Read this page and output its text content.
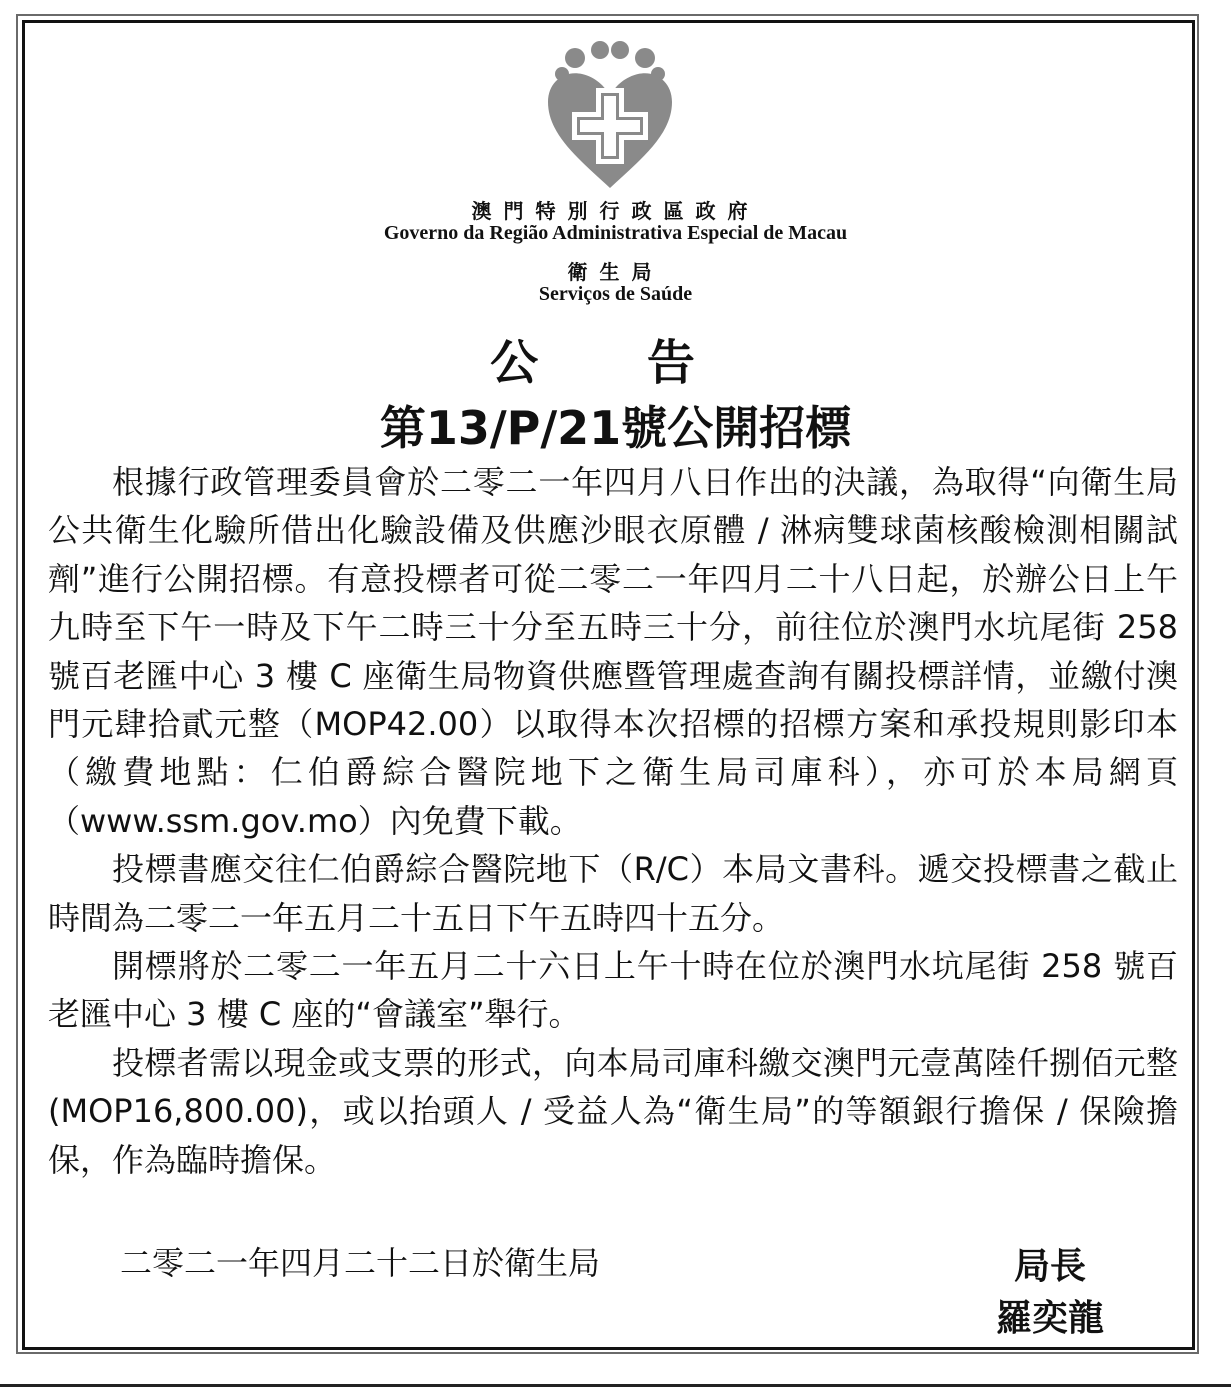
澳門特別行政區政府
Governo da Região Administrativa Especial de Macau
衛生局
Serviços de Saúde
公 告
第13/P/21號公開招標

根據行政管理委員會於二零二一年四月八日作出的決議，為取得“向衛生局公共衛生化驗所借出化驗設備及供應沙眼衣原體 / 淋病雙球菌核酸檢測相關試劑”進行公開招標。有意投標者可從二零二一年四月二十八日起，於辦公日上午九時至下午一時及下午二時三十分至五時三十分，前往位於澳門水坑尾街 258 號百老匯中心 3 樓 C 座衛生局物資供應暨管理處查詢有關投標詳情，並繳付澳門元肆拾貳元整（MOP42.00）以取得本次招標的招標方案和承投規則影印本（繳費地點：仁伯爵綜合醫院地下之衛生局司庫科），亦可於本局網頁（www.ssm.gov.mo）內免費下載。

投標書應交往仁伯爵綜合醫院地下（R/C）本局文書科。遞交投標書之截止時間為二零二一年五月二十五日下午五時四十五分。

開標將於二零二一年五月二十六日上午十時在位於澳門水坑尾街 258 號百老匯中心 3 樓 C 座的“會議室”舉行。

投標者需以現金或支票的形式，向本局司庫科繳交澳門元壹萬陸仟捌佰元整 (MOP16,800.00)，或以抬頭人 / 受益人為“衛生局”的等額銀行擔保 / 保險擔保，作為臨時擔保。

二零二一年四月二十二日於衛生局	局長
羅奕龍
